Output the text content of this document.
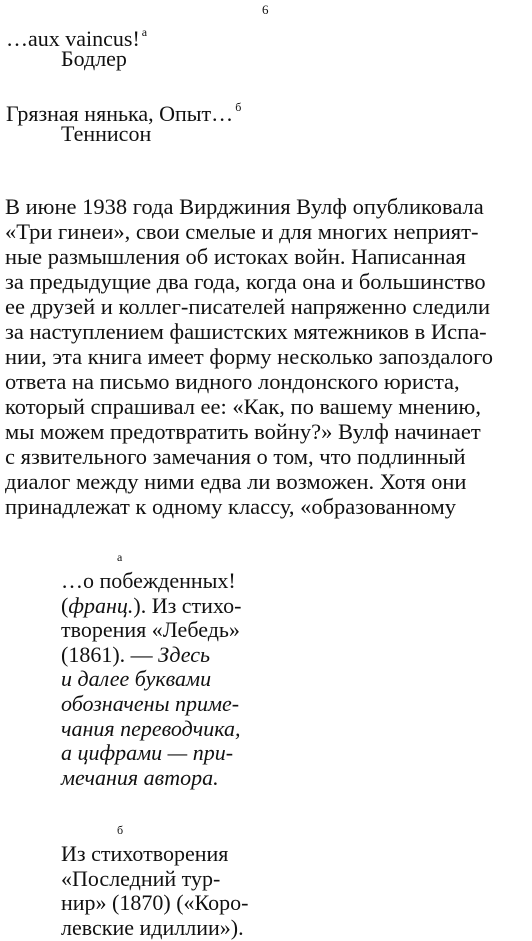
6
…aux vaincus! $^a$
Бодлер
Грязная нянька, Опыт… $^б$
Теннисон
В июне 1938 года Вирджиния Вулф опубликовала
«Три гинеи», свои смелые и для многих неприят-
ные размышления об истоках войн. Написанная
за предыдущие два года, когда она и большинство
ее друзей и коллег-писателей напряженно следили
за наступлением фашистских мятежников в Испа-
нии, эта книга имеет форму несколько запоздалого
ответа на письмо видного лондонского юриста,
который спрашивал ее: «Как, по вашему мнению,
мы можем предотвратить войну?» Вулф начинает
с язвительного замечания о том, что подлинный
диалог между ними едва ли возможен. Хотя они
принадлежат к одному классу, «образованному
а
…о побежденных!
(франц.). Из стихо-
творения «Лебедь»
(1861). — Здесь
и далее буквами
обозначены приме-
чания переводчика,
а цифрами — при-
мечания автора.
б
Из стихотворения
«Последний тур-
нир» (1870) («Коро-
левские идиллии»).
